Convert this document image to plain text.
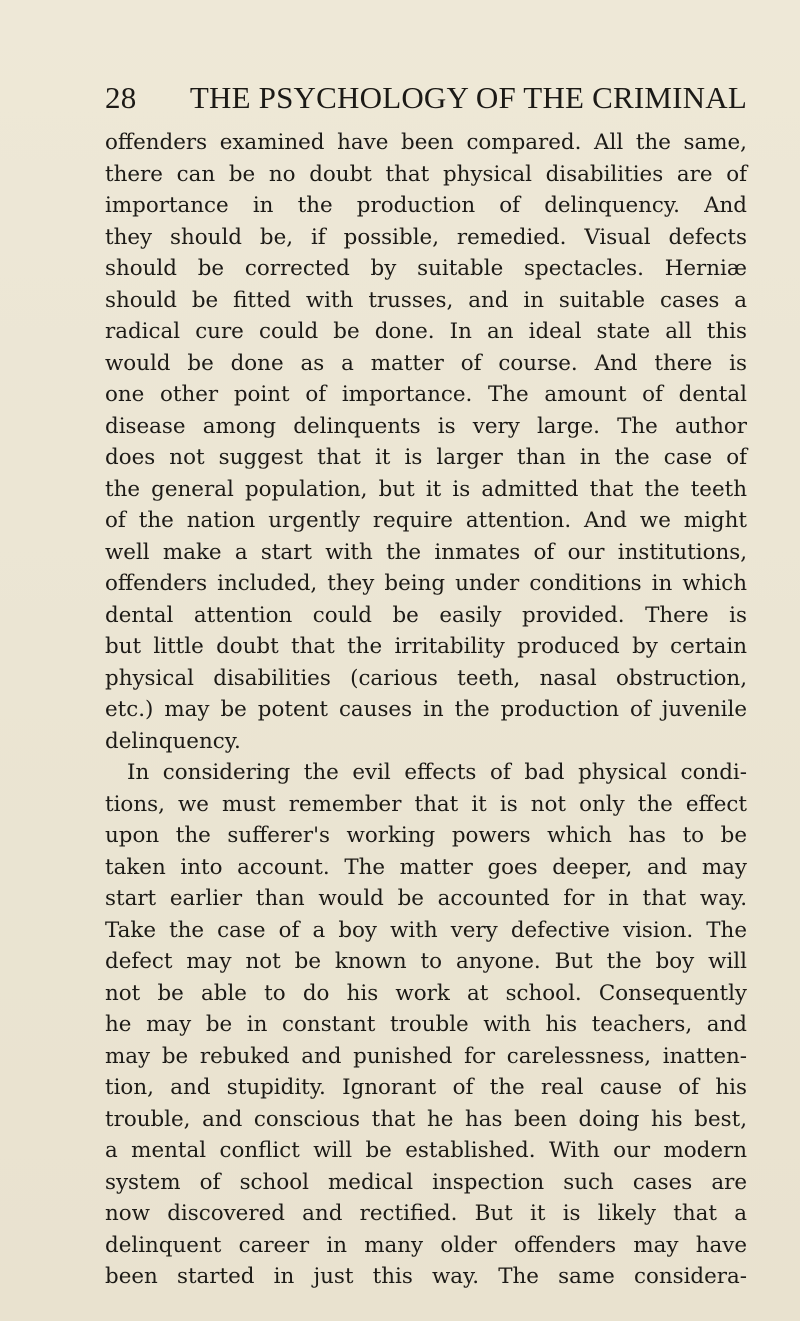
28 THE PSYCHOLOGY OF THE CRIMINAL
offenders examined have been compared. All the same,
there can be no doubt that physical disabilities are of
importance in the production of delinquency. And
they should be, if possible, remedied. Visual defects
should be corrected by suitable spectacles. Herniæ
should be fitted with trusses, and in suitable cases a
radical cure could be done. In an ideal state all this
would be done as a matter of course. And there is
one other point of importance. The amount of dental
disease among delinquents is very large. The author
does not suggest that it is larger than in the case of
the general population, but it is admitted that the teeth
of the nation urgently require attention. And we might
well make a start with the inmates of our institutions,
offenders included, they being under conditions in which
dental attention could be easily provided. There is
but little doubt that the irritability produced by certain
physical disabilities (carious teeth, nasal obstruction,
etc.) may be potent causes in the production of juvenile
delinquency.
In considering the evil effects of bad physical condi-
tions, we must remember that it is not only the effect
upon the sufferer's working powers which has to be
taken into account. The matter goes deeper, and may
start earlier than would be accounted for in that way.
Take the case of a boy with very defective vision. The
defect may not be known to anyone. But the boy will
not be able to do his work at school. Consequently
he may be in constant trouble with his teachers, and
may be rebuked and punished for carelessness, inatten-
tion, and stupidity. Ignorant of the real cause of his
trouble, and conscious that he has been doing his best,
a mental conflict will be established. With our modern
system of school medical inspection such cases are
now discovered and rectified. But it is likely that a
delinquent career in many older offenders may have
been started in just this way. The same considera-
